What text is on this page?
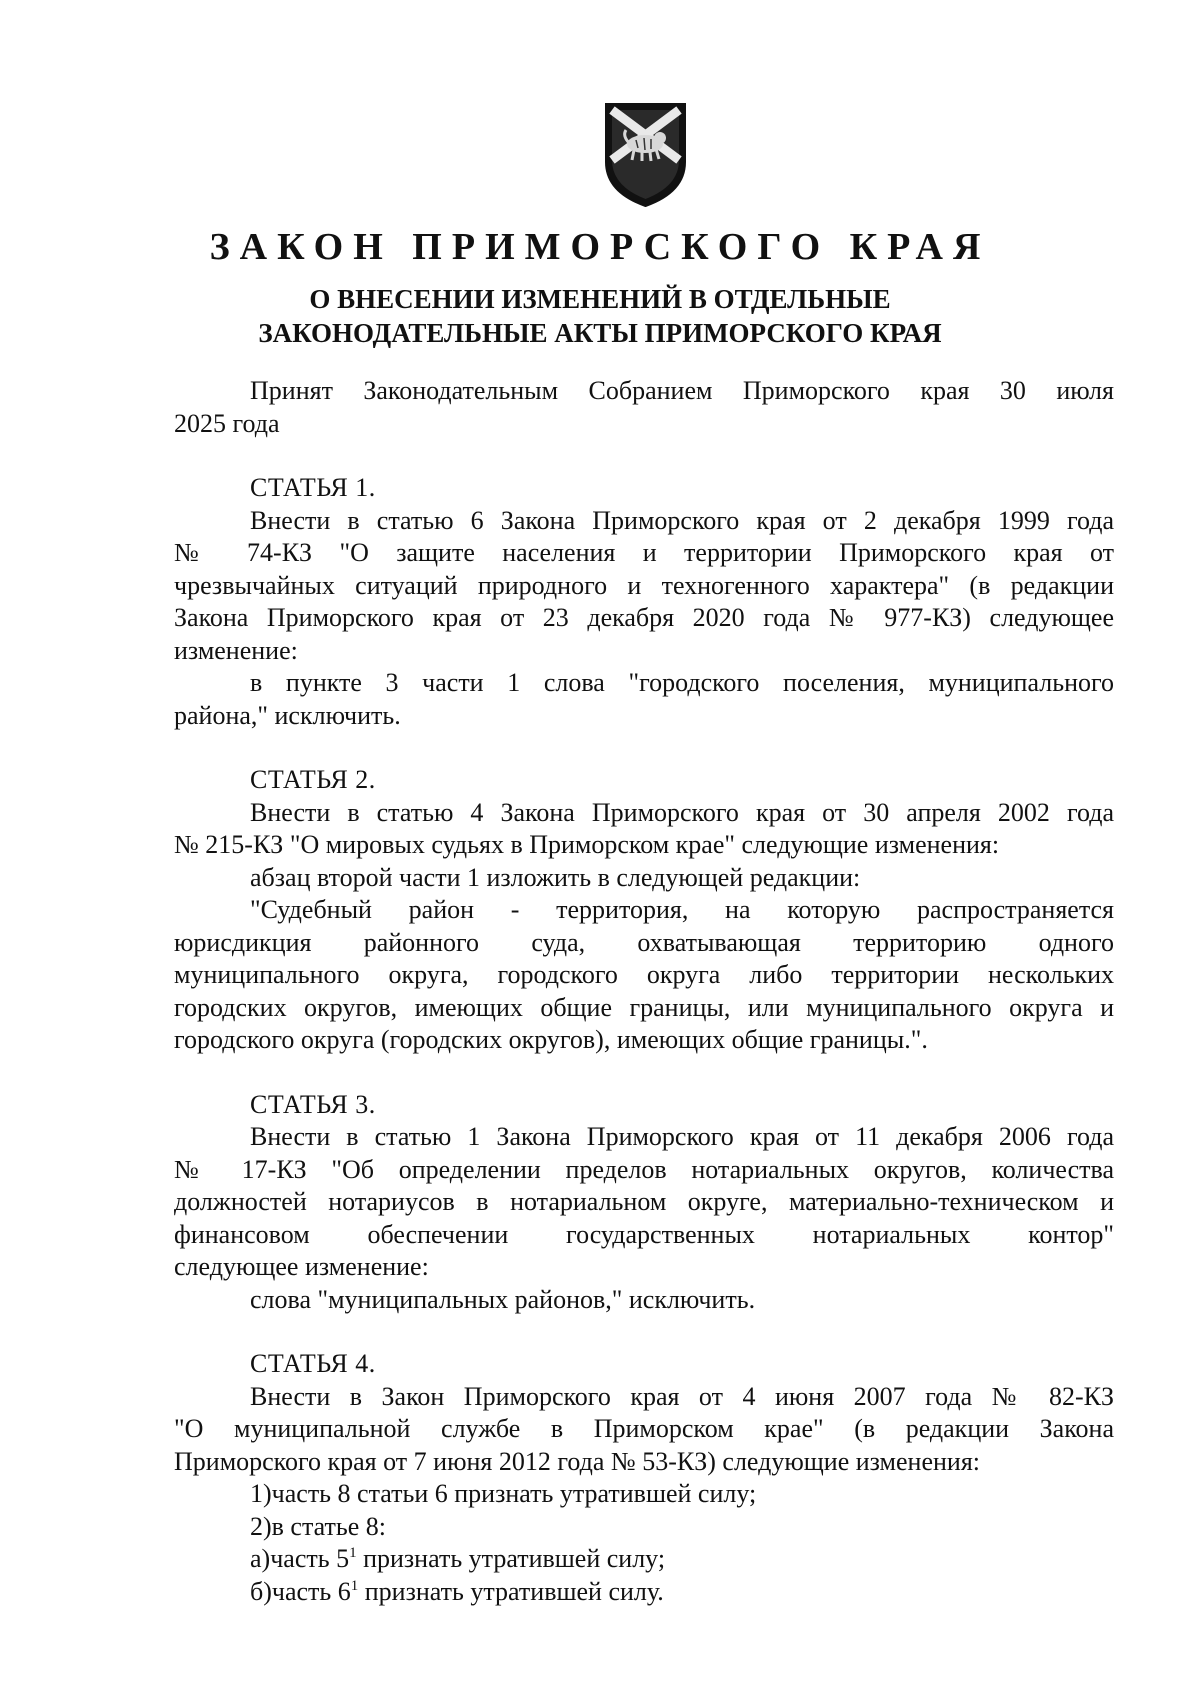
ЗАКОН ПРИМОРСКОГО КРАЯ
О ВНЕСЕНИИ ИЗМЕНЕНИЙ В ОТДЕЛЬНЫЕ
ЗАКОНОДАТЕЛЬНЫЕ АКТЫ ПРИМОРСКОГО КРАЯ
Принят Законодательным Собранием Приморского края 30 июля
2025 года
СТАТЬЯ 1.
Внести в статью 6 Закона Приморского края от 2 декабря 1999 года
№ 74-КЗ "О защите населения и территории Приморского края от
чрезвычайных ситуаций природного и техногенного характера" (в редакции
Закона Приморского края от 23 декабря 2020 года № 977-КЗ) следующее
изменение:
в пункте 3 части 1 слова "городского поселения, муниципального
района," исключить.
СТАТЬЯ 2.
Внести в статью 4 Закона Приморского края от 30 апреля 2002 года
№ 215-КЗ "О мировых судьях в Приморском крае" следующие изменения:
абзац второй части 1 изложить в следующей редакции:
"Судебный район - территория, на которую распространяется
юрисдикция районного суда, охватывающая территорию одного
муниципального округа, городского округа либо территории нескольких
городских округов, имеющих общие границы, или муниципального округа и
городского округа (городских округов), имеющих общие границы.".
СТАТЬЯ 3.
Внести в статью 1 Закона Приморского края от 11 декабря 2006 года
№ 17-КЗ "Об определении пределов нотариальных округов, количества
должностей нотариусов в нотариальном округе, материально-техническом и
финансовом обеспечении государственных нотариальных контор"
следующее изменение:
слова "муниципальных районов," исключить.
СТАТЬЯ 4.
Внести в Закон Приморского края от 4 июня 2007 года № 82-КЗ
"О муниципальной службе в Приморском крае" (в редакции Закона
Приморского края от 7 июня 2012 года № 53-КЗ) следующие изменения:
1)часть 8 статьи 6 признать утратившей силу;
2)в статье 8:
а)часть $5^1$ признать утратившей силу;
б)часть $6^1$ признать утратившей силу.
